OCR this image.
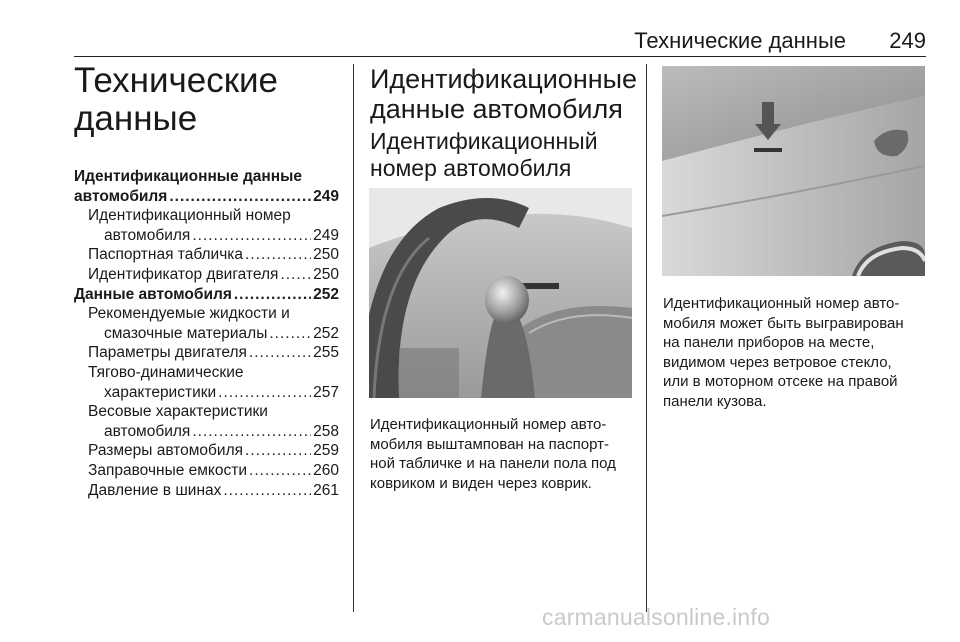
Технические данные 249
Технические
данные
Идентификационные данные
автомобиля .....	249
Идентификационный номер
автомобиля .....	249
Паспортная табличка .....	250
Идентификатор двигателя ..... 250
Данные автомобиля .....	252
Рекомендуемые жидкости и
смазочные материалы .....	252
Параметры двигателя .....	255
Тягово-динамические
характеристики .....	257
Весовые характеристики
автомобиля .....	258
Размеры автомобиля .....	259
Заправочные емкости .....	260
Давление в шинах .....	261
Идентификационные
данные автомобиля
Идентификационный
номер автомобиля
Идентификационный номер авто-
мобиля выштампован на паспорт-
ной табличке и на панели пола под
ковриком и виден через коврик.
Идентификационный номер авто-
мобиля может быть выгравирован
на панели приборов на месте,
видимом через ветровое стекло,
или в моторном отсеке на правой
панели кузова.
carmanualsonline.info
